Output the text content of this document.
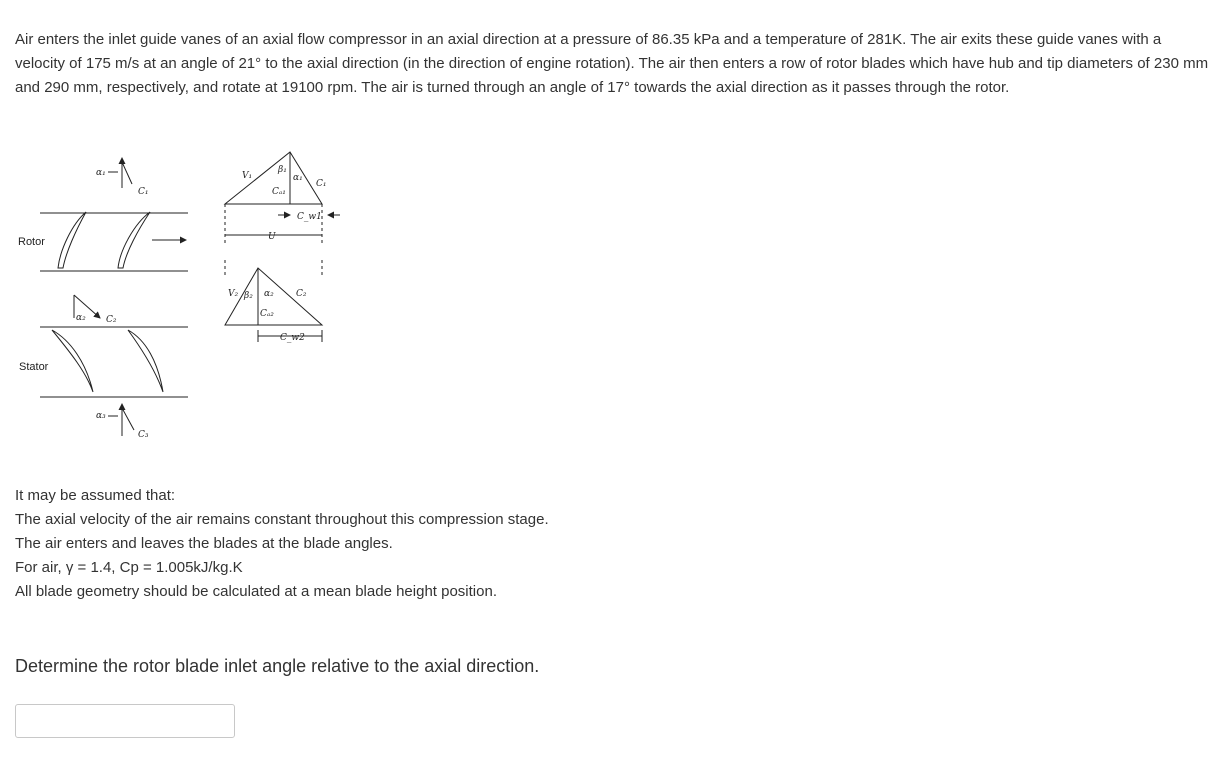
Air enters the inlet guide vanes of an axial flow compressor in an axial direction at a pressure of 86.35 kPa and a temperature of 281K. The air exits these guide vanes with a velocity of 175 m/s at an angle of 21° to the axial direction (in the direction of engine rotation). The air then enters a row of rotor blades which have hub and tip diameters of 230 mm and 290 mm, respectively, and rotate at 19100 rpm. The air is turned through an angle of 17° towards the axial direction as it passes through the rotor.

Rotor
Stator
α₁
C₁
α₂ C₂
α₃
C₃
V₁
β₁
α₁
C₁
Cₐ₁
C_w1
U
V₂ β₂ α₂ C₂
Cₐ₂
C_w2
It may be assumed that:
The axial velocity of the air remains constant throughout this compression stage.
The air enters and leaves the blades at the blade angles.
For air, γ = 1.4, Cp = 1.005kJ/kg.K
All blade geometry should be calculated at a mean blade height position.

Determine the rotor blade inlet angle relative to the axial direction.
